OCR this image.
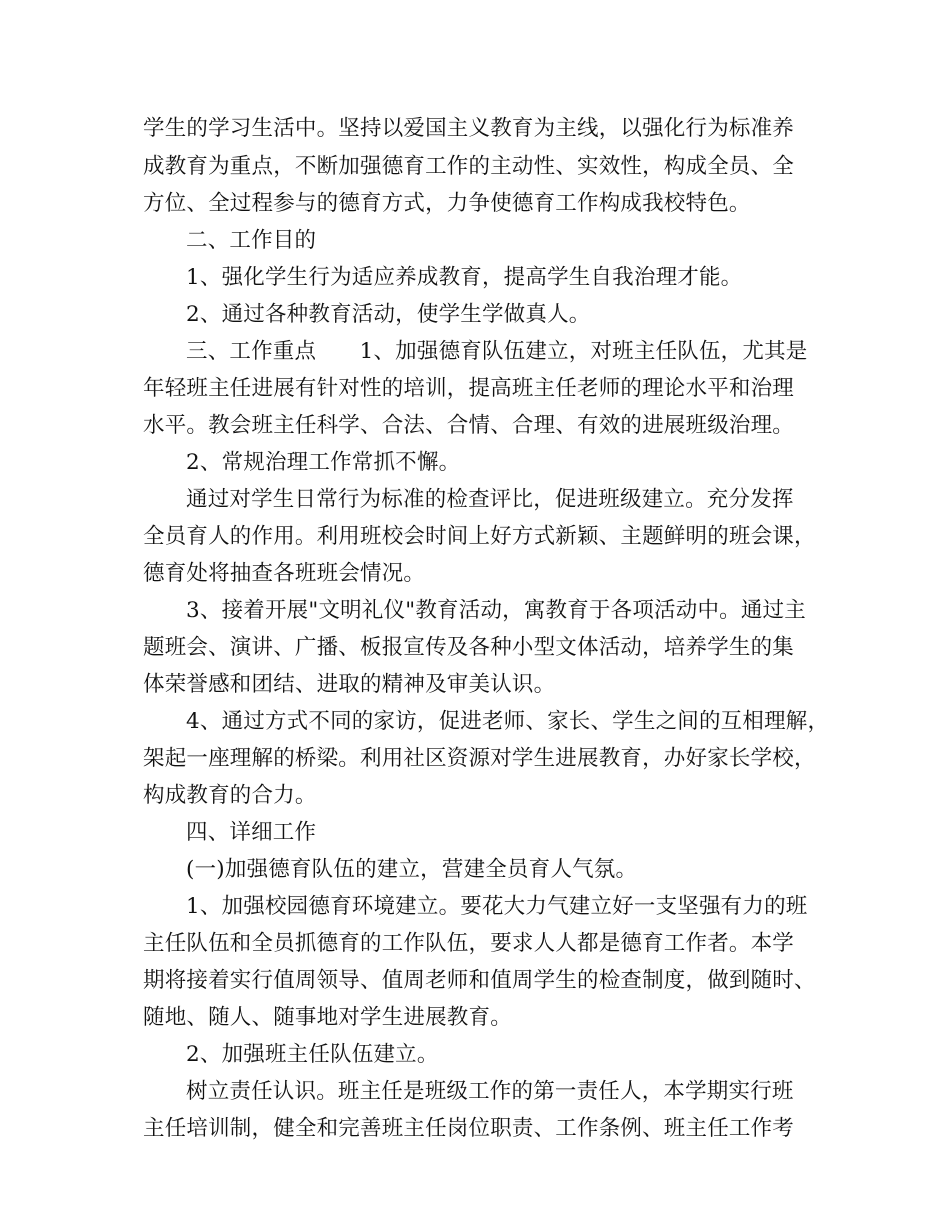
学生的学习生活中。坚持以爱国主义教育为主线，以强化行为标准养

成教育为重点，不断加强德育工作的主动性、实效性，构成全员、全

方位、全过程参与的德育方式，力争使德育工作构成我校特色。

二、工作目的

1、强化学生行为适应养成教育，提高学生自我治理才能。

2、通过各种教育活动，使学生学做真人。

三、工作重点　　1、加强德育队伍建立，对班主任队伍，尤其是

年轻班主任进展有针对性的培训，提高班主任老师的理论水平和治理

水平。教会班主任科学、合法、合情、合理、有效的进展班级治理。

2、常规治理工作常抓不懈。

通过对学生日常行为标准的检查评比，促进班级建立。充分发挥

全员育人的作用。利用班校会时间上好方式新颖、主题鲜明的班会课，

德育处将抽查各班班会情况。

3、接着开展"文明礼仪"教育活动，寓教育于各项活动中。通过主

题班会、演讲、广播、板报宣传及各种小型文体活动，培养学生的集

体荣誉感和团结、进取的精神及审美认识。

4、通过方式不同的家访，促进老师、家长、学生之间的互相理解，

架起一座理解的桥梁。利用社区资源对学生进展教育，办好家长学校，

构成教育的合力。

四、详细工作

(一)加强德育队伍的建立，营建全员育人气氛。

1、加强校园德育环境建立。要花大力气建立好一支坚强有力的班

主任队伍和全员抓德育的工作队伍，要求人人都是德育工作者。本学

期将接着实行值周领导、值周老师和值周学生的检查制度，做到随时、

随地、随人、随事地对学生进展教育。

2、加强班主任队伍建立。

树立责任认识。班主任是班级工作的第一责任人，本学期实行班

主任培训制，健全和完善班主任岗位职责、工作条例、班主任工作考
